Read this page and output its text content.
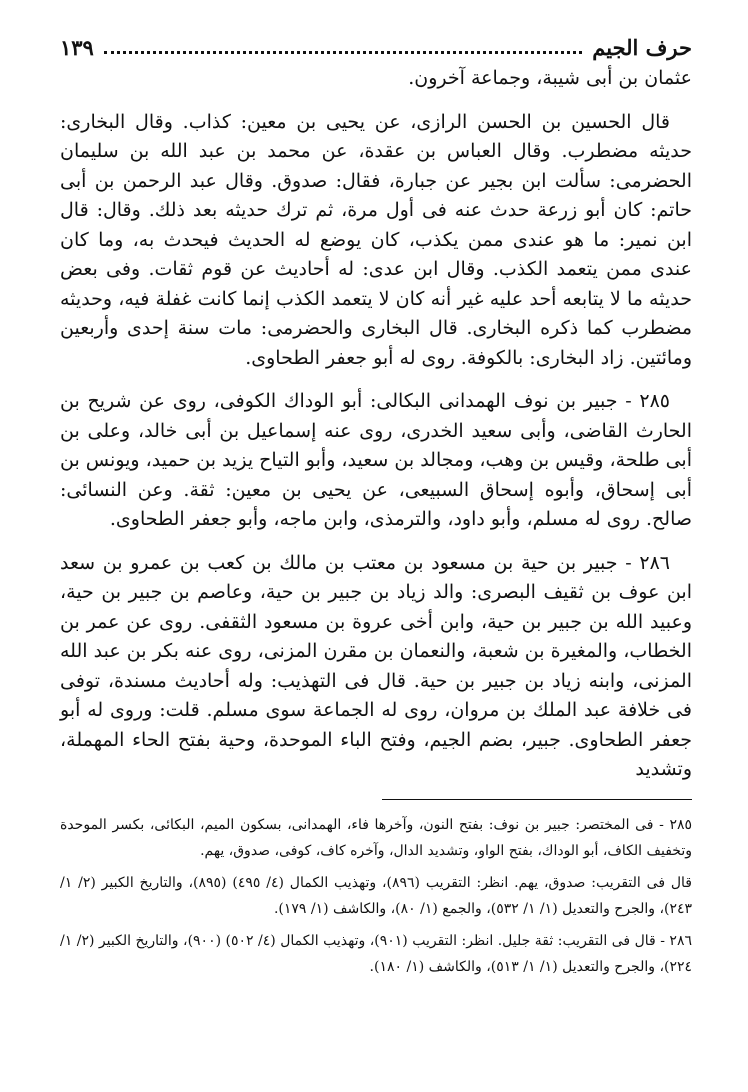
حرف الجيم
١٣٩

عثمان بن أبى شيبة، وجماعة آخرون.

قال الحسين بن الحسن الرازى، عن يحيى بن معين: كذاب. وقال البخارى: حديثه مضطرب. وقال العباس بن عقدة، عن محمد بن عبد الله بن سليمان الحضرمى: سألت ابن بجير عن جبارة، فقال: صدوق. وقال عبد الرحمن بن أبى حاتم: كان أبو زرعة حدث عنه فى أول مرة، ثم ترك حديثه بعد ذلك. وقال: قال ابن نمير: ما هو عندى ممن يكذب، كان يوضع له الحديث فيحدث به، وما كان عندى ممن يتعمد الكذب. وقال ابن عدى: له أحاديث عن قوم ثقات. وفى بعض حديثه ما لا يتابعه أحد عليه غير أنه كان لا يتعمد الكذب إنما كانت غفلة فيه، وحديثه مضطرب كما ذكره البخارى. قال البخارى والحضرمى: مات سنة إحدى وأربعين ومائتين. زاد البخارى: بالكوفة. روى له أبو جعفر الطحاوى.

٢٨٥ - جبير بن نوف الهمدانى البكالى: أبو الوداك الكوفى، روى عن شريح بن الحارث القاضى، وأبى سعيد الخدرى، روى عنه إسماعيل بن أبى خالد، وعلى بن أبى طلحة، وقيس بن وهب، ومجالد بن سعيد، وأبو التياح يزيد بن حميد، ويونس بن أبى إسحاق، وأبوه إسحاق السبيعى، عن يحيى بن معين: ثقة. وعن النسائى: صالح. روى له مسلم، وأبو داود، والترمذى، وابن ماجه، وأبو جعفر الطحاوى.

٢٨٦ - جبير بن حية بن مسعود بن معتب بن مالك بن كعب بن عمرو بن سعد ابن عوف بن ثقيف البصرى: والد زياد بن جبير بن حية، وعاصم بن جبير بن حية، وعبيد الله بن جبير بن حية، وابن أخى عروة بن مسعود الثقفى. روى عن عمر بن الخطاب، والمغيرة بن شعبة، والنعمان بن مقرن المزنى، روى عنه بكر بن عبد الله المزنى، وابنه زياد بن جبير بن حية. قال فى التهذيب: وله أحاديث مسندة، توفى فى خلافة عبد الملك بن مروان، روى له الجماعة سوى مسلم. قلت: وروى له أبو جعفر الطحاوى. جبير، بضم الجيم، وفتح الباء الموحدة، وحية بفتح الحاء المهملة، وتشديد

٢٨٥ - فى المختصر: جبير بن نوف: بفتح النون، وآخرها فاء، الهمدانى، بسكون الميم، البكائى، بكسر الموحدة وتخفيف الكاف، أبو الوداك، بفتح الواو، وتشديد الدال، وآخره كاف، كوفى، صدوق، يهم.

قال فى التقريب: صدوق، يهم. انظر: التقريب (٨٩٦)، وتهذيب الكمال (٤/ ٤٩٥) (٨٩٥)، والتاريخ الكبير (٢/ ١/ ٢٤٣)، والجرح والتعديل (١/ ١/ ٥٣٢)، والجمع (١/ ٨٠)، والكاشف (١/ ١٧٩).

٢٨٦ - قال فى التقريب: ثقة جليل. انظر: التقريب (٩٠١)، وتهذيب الكمال (٤/ ٥٠٢) (٩٠٠)، والتاريخ الكبير (٢/ ١/ ٢٢٤)، والجرح والتعديل (١/ ١/ ٥١٣)، والكاشف (١/ ١٨٠).
